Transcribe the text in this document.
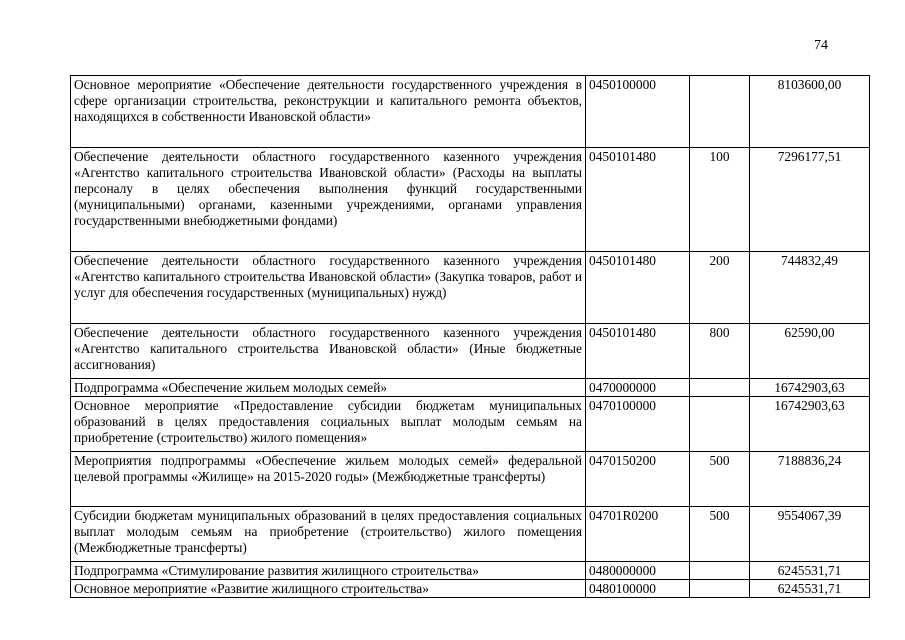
74
Основное мероприятие «Обеспечение деятельности государственного учреждения в сфере организации строительства, реконструкции и капитального ремонта объектов, находящихся в собственности Ивановской области»	0450100000		8103600,00
Обеспечение деятельности областного государственного казенного учреждения «Агентство капитального строительства Ивановской области» (Расходы на выплаты персоналу в целях обеспечения выполнения функций государственными (муниципальными) органами, казенными учреждениями, органами управления государственными внебюджетными фондами)	0450101480	100	7296177,51
Обеспечение деятельности областного государственного казенного учреждения «Агентство капитального строительства Ивановской области» (Закупка товаров, работ и услуг для обеспечения государственных (муниципальных) нужд)	0450101480	200	744832,49
Обеспечение деятельности областного государственного казенного учреждения «Агентство капитального строительства Ивановской области» (Иные бюджетные ассигнования)	0450101480	800	62590,00
Подпрограмма «Обеспечение жильем молодых семей»	0470000000		16742903,63
Основное мероприятие «Предоставление субсидии бюджетам муниципальных образований в целях предоставления социальных выплат молодым семьям на приобретение (строительство) жилого помещения»	0470100000		16742903,63
Мероприятия подпрограммы «Обеспечение жильем молодых семей» федеральной целевой программы «Жилище» на 2015-2020 годы» (Межбюджетные трансферты)	0470150200	500	7188836,24
Субсидии бюджетам муниципальных образований в целях предоставления социальных выплат молодым семьям на приобретение (строительство) жилого помещения (Межбюджетные трансферты)	04701R0200	500	9554067,39
Подпрограмма «Стимулирование развития жилищного строительства»	0480000000		6245531,71
Основное мероприятие «Развитие жилищного строительства»	0480100000		6245531,71
